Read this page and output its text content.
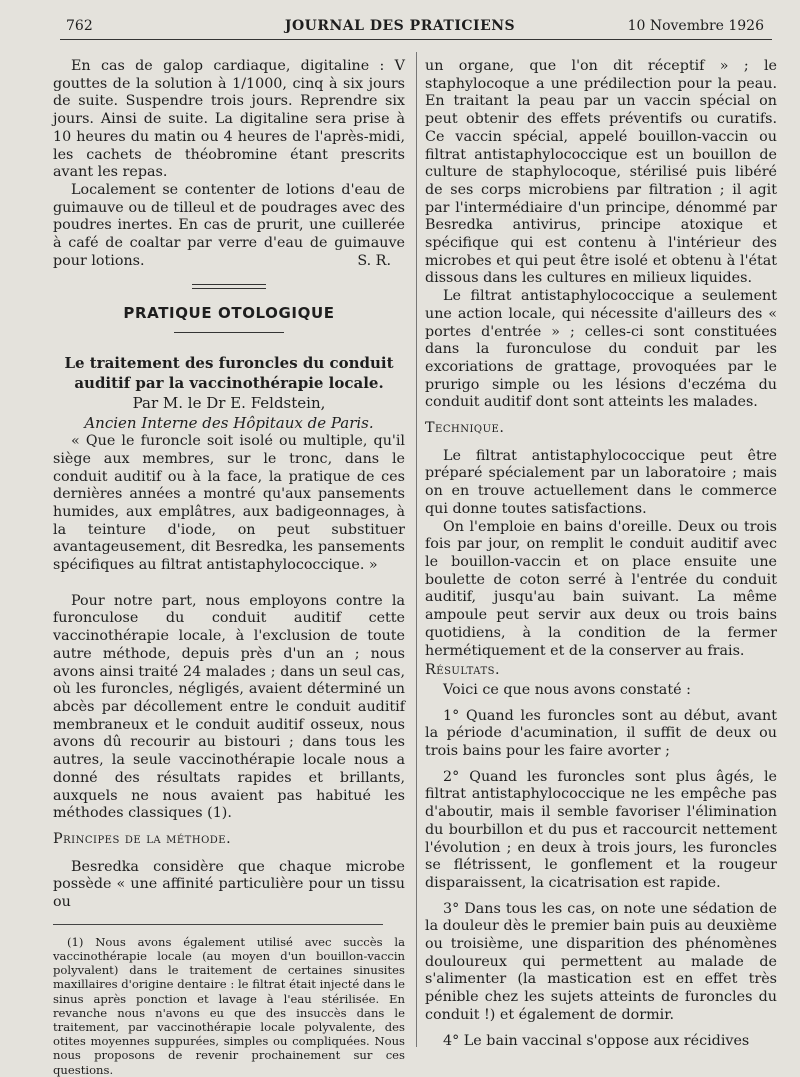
762	JOURNAL DES PRATICIENS	10 Novembre 1926

En cas de galop cardiaque, digitaline : V gouttes de la solution à 1/1000, cinq à six jours de suite. Suspendre trois jours. Reprendre six jours. Ainsi de suite. La digitaline sera prise à 10 heures du matin ou 4 heures de l'après-midi, les cachets de théobromine étant prescrits avant les repas.

Localement se contenter de lotions d'eau de guimauve ou de tilleul et de poudrages avec des poudres inertes. En cas de prurit, une cuillerée à café de coaltar par verre d'eau de guimauve pour lotions.	S. R.

PRATIQUE OTOLOGIQUE

Le traitement des furoncles du conduit auditif par la vaccinothérapie locale.

Par M. le Dr E. Feldstein,

Ancien Interne des Hôpitaux de Paris.

« Que le furoncle soit isolé ou multiple, qu'il siège aux membres, sur le tronc, dans le conduit auditif ou à la face, la pratique de ces dernières années a montré qu'aux pansements humides, aux emplâtres, aux badigeonnages, à la teinture d'iode, on peut substituer avantageusement, dit Besredka, les pansements spécifiques au filtrat antistaphylococcique. »

Pour notre part, nous employons contre la furonculose du conduit auditif cette vaccinothérapie locale, à l'exclusion de toute autre méthode, depuis près d'un an ; nous avons ainsi traité 24 malades ; dans un seul cas, où les furoncles, négligés, avaient déterminé un abcès par décollement entre le conduit auditif membraneux et le conduit auditif osseux, nous avons dû recourir au bistouri ; dans tous les autres, la seule vaccinothérapie locale nous a donné des résultats rapides et brillants, auxquels ne nous avaient pas habitué les méthodes classiques (1).

Principes de la méthode.

Besredka considère que chaque microbe possède « une affinité particulière pour un tissu ou

(1) Nous avons également utilisé avec succès la vaccinothérapie locale (au moyen d'un bouillon-vaccin polyvalent) dans le traitement de certaines sinusites maxillaires d'origine dentaire : le filtrat était injecté dans le sinus après ponction et lavage à l'eau stérilisée. En revanche nous n'avons eu que des insuccès dans le traitement, par vaccinothérapie locale polyvalente, des otites moyennes suppurées, simples ou compliquées. Nous nous proposons de revenir prochainement sur ces questions.

un organe, que l'on dit réceptif » ; le staphylocoque a une prédilection pour la peau. En traitant la peau par un vaccin spécial on peut obtenir des effets préventifs ou curatifs. Ce vaccin spécial, appelé bouillon-vaccin ou filtrat antistaphylococcique est un bouillon de culture de staphylocoque, stérilisé puis libéré de ses corps microbiens par filtration ; il agit par l'intermédiaire d'un principe, dénommé par Besredka antivirus, principe atoxique et spécifique qui est contenu à l'intérieur des microbes et qui peut être isolé et obtenu à l'état dissous dans les cultures en milieux liquides.

Le filtrat antistaphylococcique a seulement une action locale, qui nécessite d'ailleurs des « portes d'entrée » ; celles-ci sont constituées dans la furonculose du conduit par les excoriations de grattage, provoquées par le prurigo simple ou les lésions d'eczéma du conduit auditif dont sont atteints les malades.

Technique.

Le filtrat antistaphylococcique peut être préparé spécialement par un laboratoire ; mais on en trouve actuellement dans le commerce qui donne toutes satisfactions.

On l'emploie en bains d'oreille. Deux ou trois fois par jour, on remplit le conduit auditif avec le bouillon-vaccin et on place ensuite une boulette de coton serré à l'entrée du conduit auditif, jusqu'au bain suivant. La même ampoule peut servir aux deux ou trois bains quotidiens, à la condition de la fermer hermétiquement et de la conserver au frais.

Résultats.

Voici ce que nous avons constaté :

1° Quand les furoncles sont au début, avant la période d'acumination, il suffit de deux ou trois bains pour les faire avorter ;

2° Quand les furoncles sont plus âgés, le filtrat antistaphylococcique ne les empêche pas d'aboutir, mais il semble favoriser l'élimination du bourbillon et du pus et raccourcit nettement l'évolution ; en deux à trois jours, les furoncles se flétrissent, le gonflement et la rougeur disparaissent, la cicatrisation est rapide.

3° Dans tous les cas, on note une sédation de la douleur dès le premier bain puis au deuxième ou troisième, une disparition des phénomènes douloureux qui permettent au malade de s'alimenter (la mastication est en effet très pénible chez les sujets atteints de furoncles du conduit !) et également de dormir.

4° Le bain vaccinal s'oppose aux récidives
